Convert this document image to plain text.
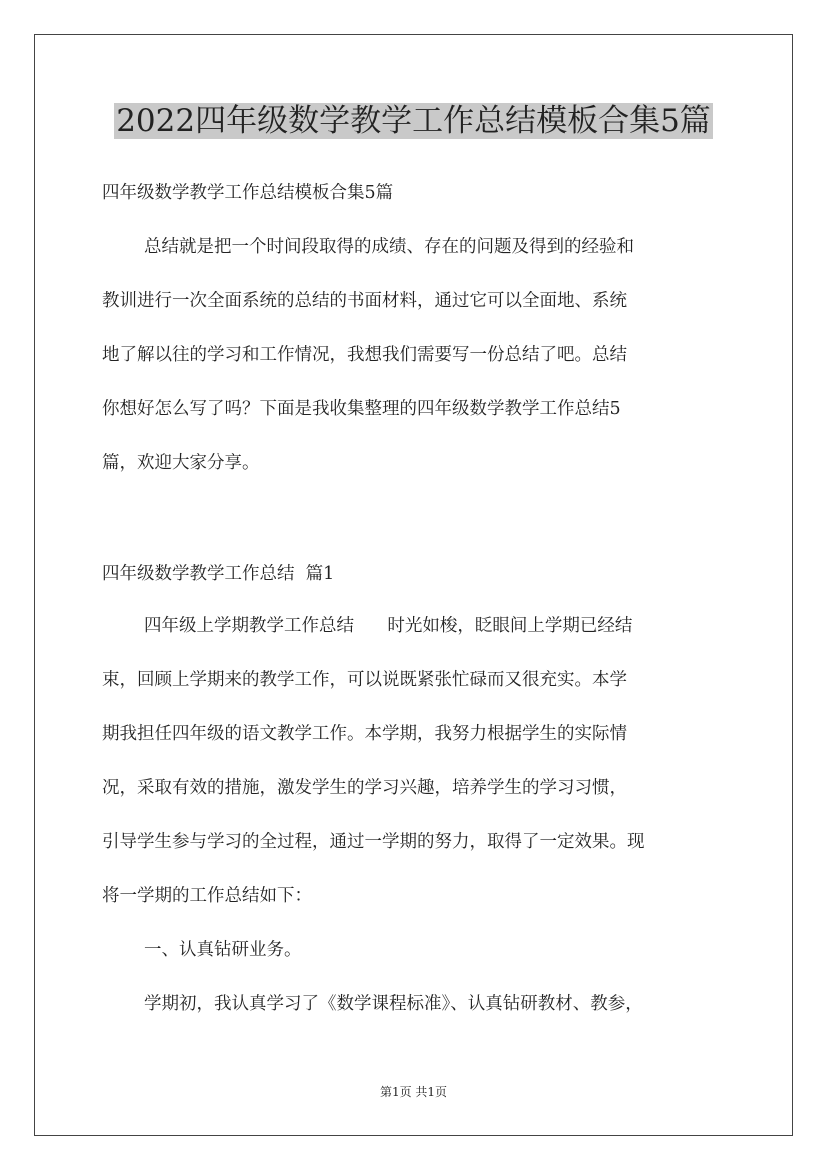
2022四年级数学教学工作总结模板合集5篇
四年级数学教学工作总结模板合集5篇
总结就是把一个时间段取得的成绩、存在的问题及得到的经验和
教训进行一次全面系统的总结的书面材料，通过它可以全面地、系统
地了解以往的学习和工作情况，我想我们需要写一份总结了吧。总结
你想好怎么写了吗？下面是我收集整理的四年级数学教学工作总结5
篇，欢迎大家分享。
四年级数学教学工作总结  篇1
四年级上学期教学工作总结      时光如梭，眨眼间上学期已经结
束，回顾上学期来的教学工作，可以说既紧张忙碌而又很充实。本学
期我担任四年级的语文教学工作。本学期，我努力根据学生的实际情
况，采取有效的措施，激发学生的学习兴趣，培养学生的学习习惯，
引导学生参与学习的全过程，通过一学期的努力，取得了一定效果。现
将一学期的工作总结如下：
一、认真钻研业务。
学期初，我认真学习了《数学课程标准》、认真钻研教材、教参，
第1页 共1页
